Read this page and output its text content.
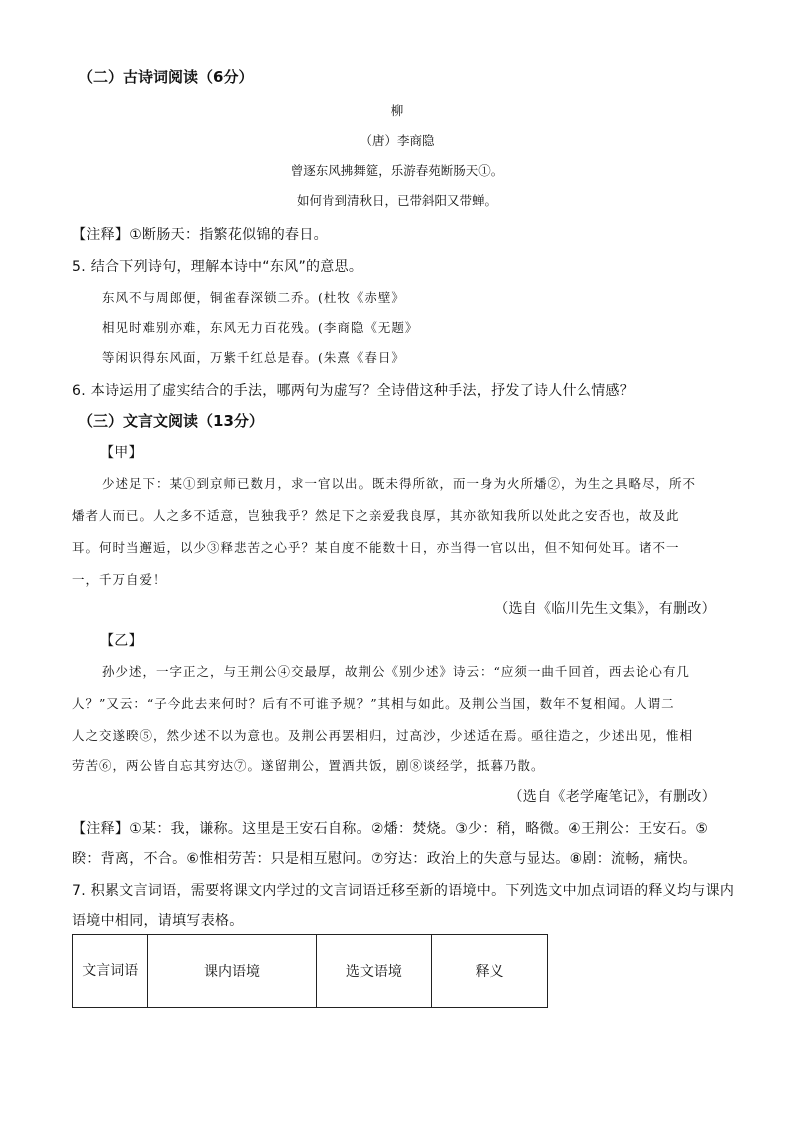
（二）古诗词阅读（6分）
柳
（唐）李商隐
曾逐东风拂舞筵，乐游春苑断肠天①。
如何肯到清秋日，已带斜阳又带蝉。
【注释】①断肠天：指繁花似锦的春日。
5. 结合下列诗句，理解本诗中“东风”的意思。
东风不与周郎便，铜雀春深锁二乔。(杜牧《赤壁》
相见时难别亦难，东风无力百花残。(李商隐《无题》
等闲识得东风面，万紫千红总是春。(朱熹《春日》
6. 本诗运用了虚实结合的手法，哪两句为虚写？全诗借这种手法，抒发了诗人什么情感？
（三）文言文阅读（13分）
【甲】
少述足下：某①到京师已数月，求一官以出。既未得所欲，而一身为火所燔②，为生之具略尽，所不
燔者人而已。人之多不适意，岂独我乎？然足下之亲爱我良厚，其亦欲知我所以处此之安否也，故及此
耳。何时当邂逅，以少③释悲苦之心乎？某自度不能数十日，亦当得一官以出，但不知何处耳。诸不一
一，千万自爱！
（选自《临川先生文集》，有删改）
【乙】
孙少述，一字正之，与王荆公④交最厚，故荆公《别少述》诗云：“应须一曲千回首，西去论心有几
人？”又云：“子今此去来何时？后有不可谁予规？”其相与如此。及荆公当国，数年不复相闻。人谓二
人之交遂睽⑤，然少述不以为意也。及荆公再罢相归，过高沙，少述适在焉。亟往造之，少述出见，惟相
劳苦⑥，两公皆自忘其穷达⑦。遂留荆公，置酒共饭，剧⑧谈经学，抵暮乃散。
（选自《老学庵笔记》，有删改）
【注释】①某：我，谦称。这里是王安石自称。②燔：焚烧。③少：稍，略微。④王荆公：王安石。⑤
睽：背离，不合。⑥惟相劳苦：只是相互慰问。⑦穷达：政治上的失意与显达。⑧剧：流畅，痛快。
7. 积累文言词语，需要将课文内学过的文言词语迁移至新的语境中。下列选文中加点词语的释义均与课内
语境中相同，请填写表格。
文言词语	课内语境	选文语境	释义
